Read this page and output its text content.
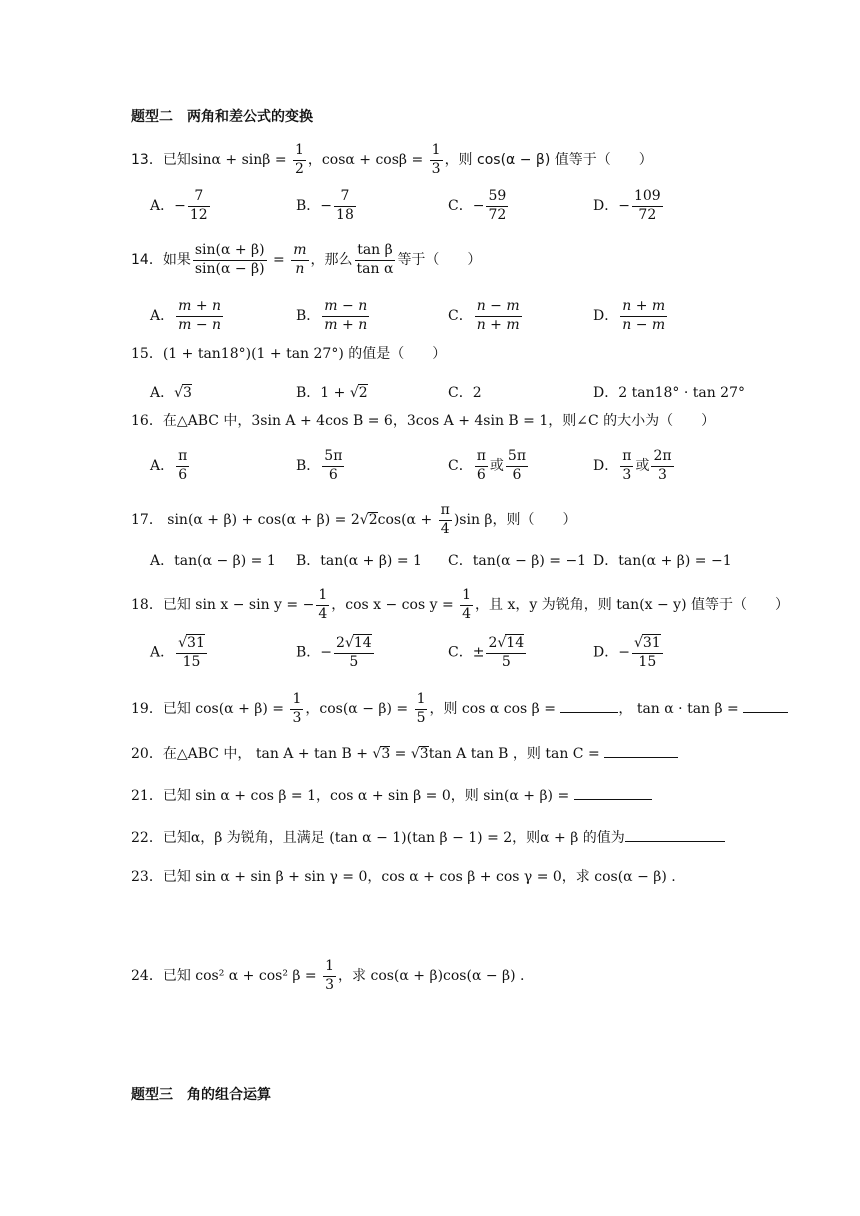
题型二　两角和差公式的变换
题型三　角的组合运算
13．已知$\sin\alpha + \sin\beta = \frac{1}{2}$ ，$\cos\alpha + \cos\beta = \frac{1}{3}$ ，则 cos(α − β) 值等于（　　）
A．− $\frac{7}{12}$	B．− $\frac{7}{18}$	C．− $\frac{59}{72}$	D．− $\frac{109}{72}$
14．如果 $\frac{\sin(\alpha + \beta)}{\sin(\alpha - \beta)} = \frac{m}{n}$ ，那么 $\frac{\text{tan β}}{\text{tan α}}$ 等于（　　）
A． $\frac{m + n}{m - n}$	B． $\frac{m - n}{m + n}$	C． $\frac{n - m}{n + m}$	D． $\frac{n + m}{n - m}$
15．(1 + tan18°)(1 + tan 27°) 的值是（　　）
A．√3	B．1 + √2	C．2	D．2 tan18° · tan 27°
16．在△ABC 中，3sin A + 4cos B = 6，3cos A + 4sin B = 1，则∠C 的大小为（　　）
A． $\frac{\pi}{6}$	B． $\frac{5\pi}{6}$	C． $\frac{\pi}{6}$ 或 $\frac{5\pi}{6}$	D． $\frac{\pi}{3}$ 或 $\frac{2\pi}{3}$
17． $\sin(\alpha + \beta) + \cos(\alpha + \beta) = 2√2\cos(\alpha + \frac{\pi}{4} )\sin$ β，则（　　）
A．tan(α − β) = 1 B．tan(α + β) = 1 C．tan(α − β) = −1 D．tan(α + β) = −1
18．已知 sin x − sin y = − $\frac{1}{4}$ ，$\cos x - \cos y = \frac{1}{4}$ ，且 x，y 为锐角，则 tan(x − y) 值等于（　　）
A． $\frac{√31}{15}$	B．− $\frac{2√14}{5}$	C．± $\frac{2√14}{5}$	D．− $\frac{√31}{15}$
19．已知 $\cos(\alpha + \beta) = \frac{1}{3}$ ，$\cos(\alpha - \beta) = \frac{1}{5}$ ，则 cos α cos β =	， tan α · tan β =
20．在△ABC 中， tan A + tan B + √3 = √3tan A tan B ，则 tan C =
21．已知 sin α + cos β = 1，cos α + sin β = 0，则 sin(α + β) =
22．已知α，β 为锐角，且满足 (tan α − 1)(tan β − 1) = 2，则α + β 的值为
23．已知 sin α + sin β + sin γ = 0，cos α + cos β + cos γ = 0，求 cos(α − β) .
24．已知 cos² α + cos² $\beta = \frac{1}{3}$ ，求 cos(α + β)cos(α − β) .
